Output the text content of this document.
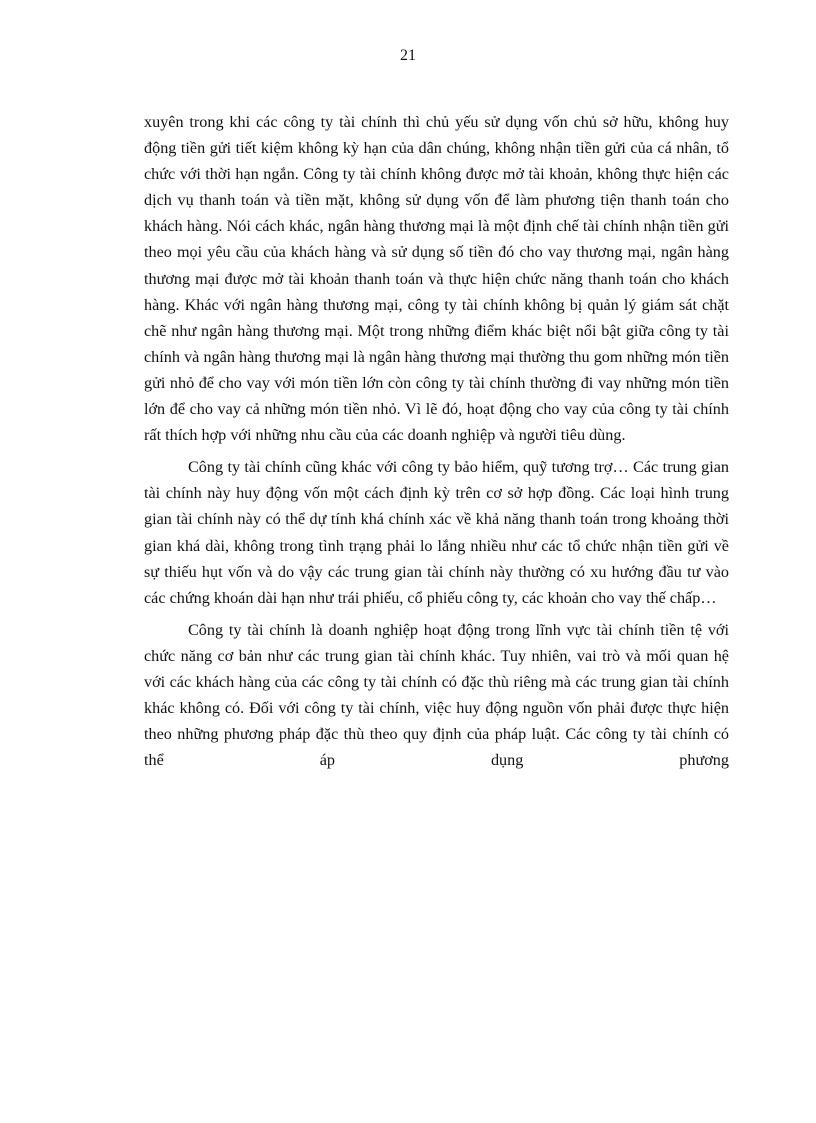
21

xuyên trong khi các công ty tài chính thì chủ yếu sử dụng vốn chủ sở hữu, không huy động tiền gửi tiết kiệm không kỳ hạn của dân chúng, không nhận tiền gửi của cá nhân, tổ chức với thời hạn ngắn. Công ty tài chính không được mở tài khoản, không thực hiện các dịch vụ thanh toán và tiền mặt, không sử dụng vốn để làm phương tiện thanh toán cho khách hàng. Nói cách khác, ngân hàng thương mại là một định chế tài chính nhận tiền gửi theo mọi yêu cầu của khách hàng và sử dụng số tiền đó cho vay thương mại, ngân hàng thương mại được mở tài khoản thanh toán và thực hiện chức năng thanh toán cho khách hàng. Khác với ngân hàng thương mại, công ty tài chính không bị quản lý giám sát chặt chẽ như ngân hàng thương mại. Một trong những điểm khác biệt nổi bật giữa công ty tài chính và ngân hàng thương mại là ngân hàng thương mại thường thu gom những món tiền gửi nhỏ để cho vay với món tiền lớn còn công ty tài chính thường đi vay những món tiền lớn để cho vay cả những món tiền nhỏ. Vì lẽ đó, hoạt động cho vay của công ty tài chính rất thích hợp với những nhu cầu của các doanh nghiệp và người tiêu dùng.

Công ty tài chính cũng khác với công ty bảo hiểm, quỹ tương trợ… Các trung gian tài chính này huy động vốn một cách định kỳ trên cơ sở hợp đồng. Các loại hình trung gian tài chính này có thể dự tính khá chính xác về khả năng thanh toán trong khoảng thời gian khá dài, không trong tình trạng phải lo lắng nhiều như các tổ chức nhận tiền gửi về sự thiếu hụt vốn và do vậy các trung gian tài chính này thường có xu hướng đầu tư vào các chứng khoán dài hạn như trái phiếu, cổ phiếu công ty, các khoản cho vay thế chấp…

Công ty tài chính là doanh nghiệp hoạt động trong lĩnh vực tài chính tiền tệ với chức năng cơ bản như các trung gian tài chính khác. Tuy nhiên, vai trò và mối quan hệ với các khách hàng của các công ty tài chính có đặc thù riêng mà các trung gian tài chính khác không có. Đối với công ty tài chính, việc huy động nguồn vốn phải được thực hiện theo những phương pháp đặc thù theo quy định của pháp luật. Các công ty tài chính có thể áp dụng phương
